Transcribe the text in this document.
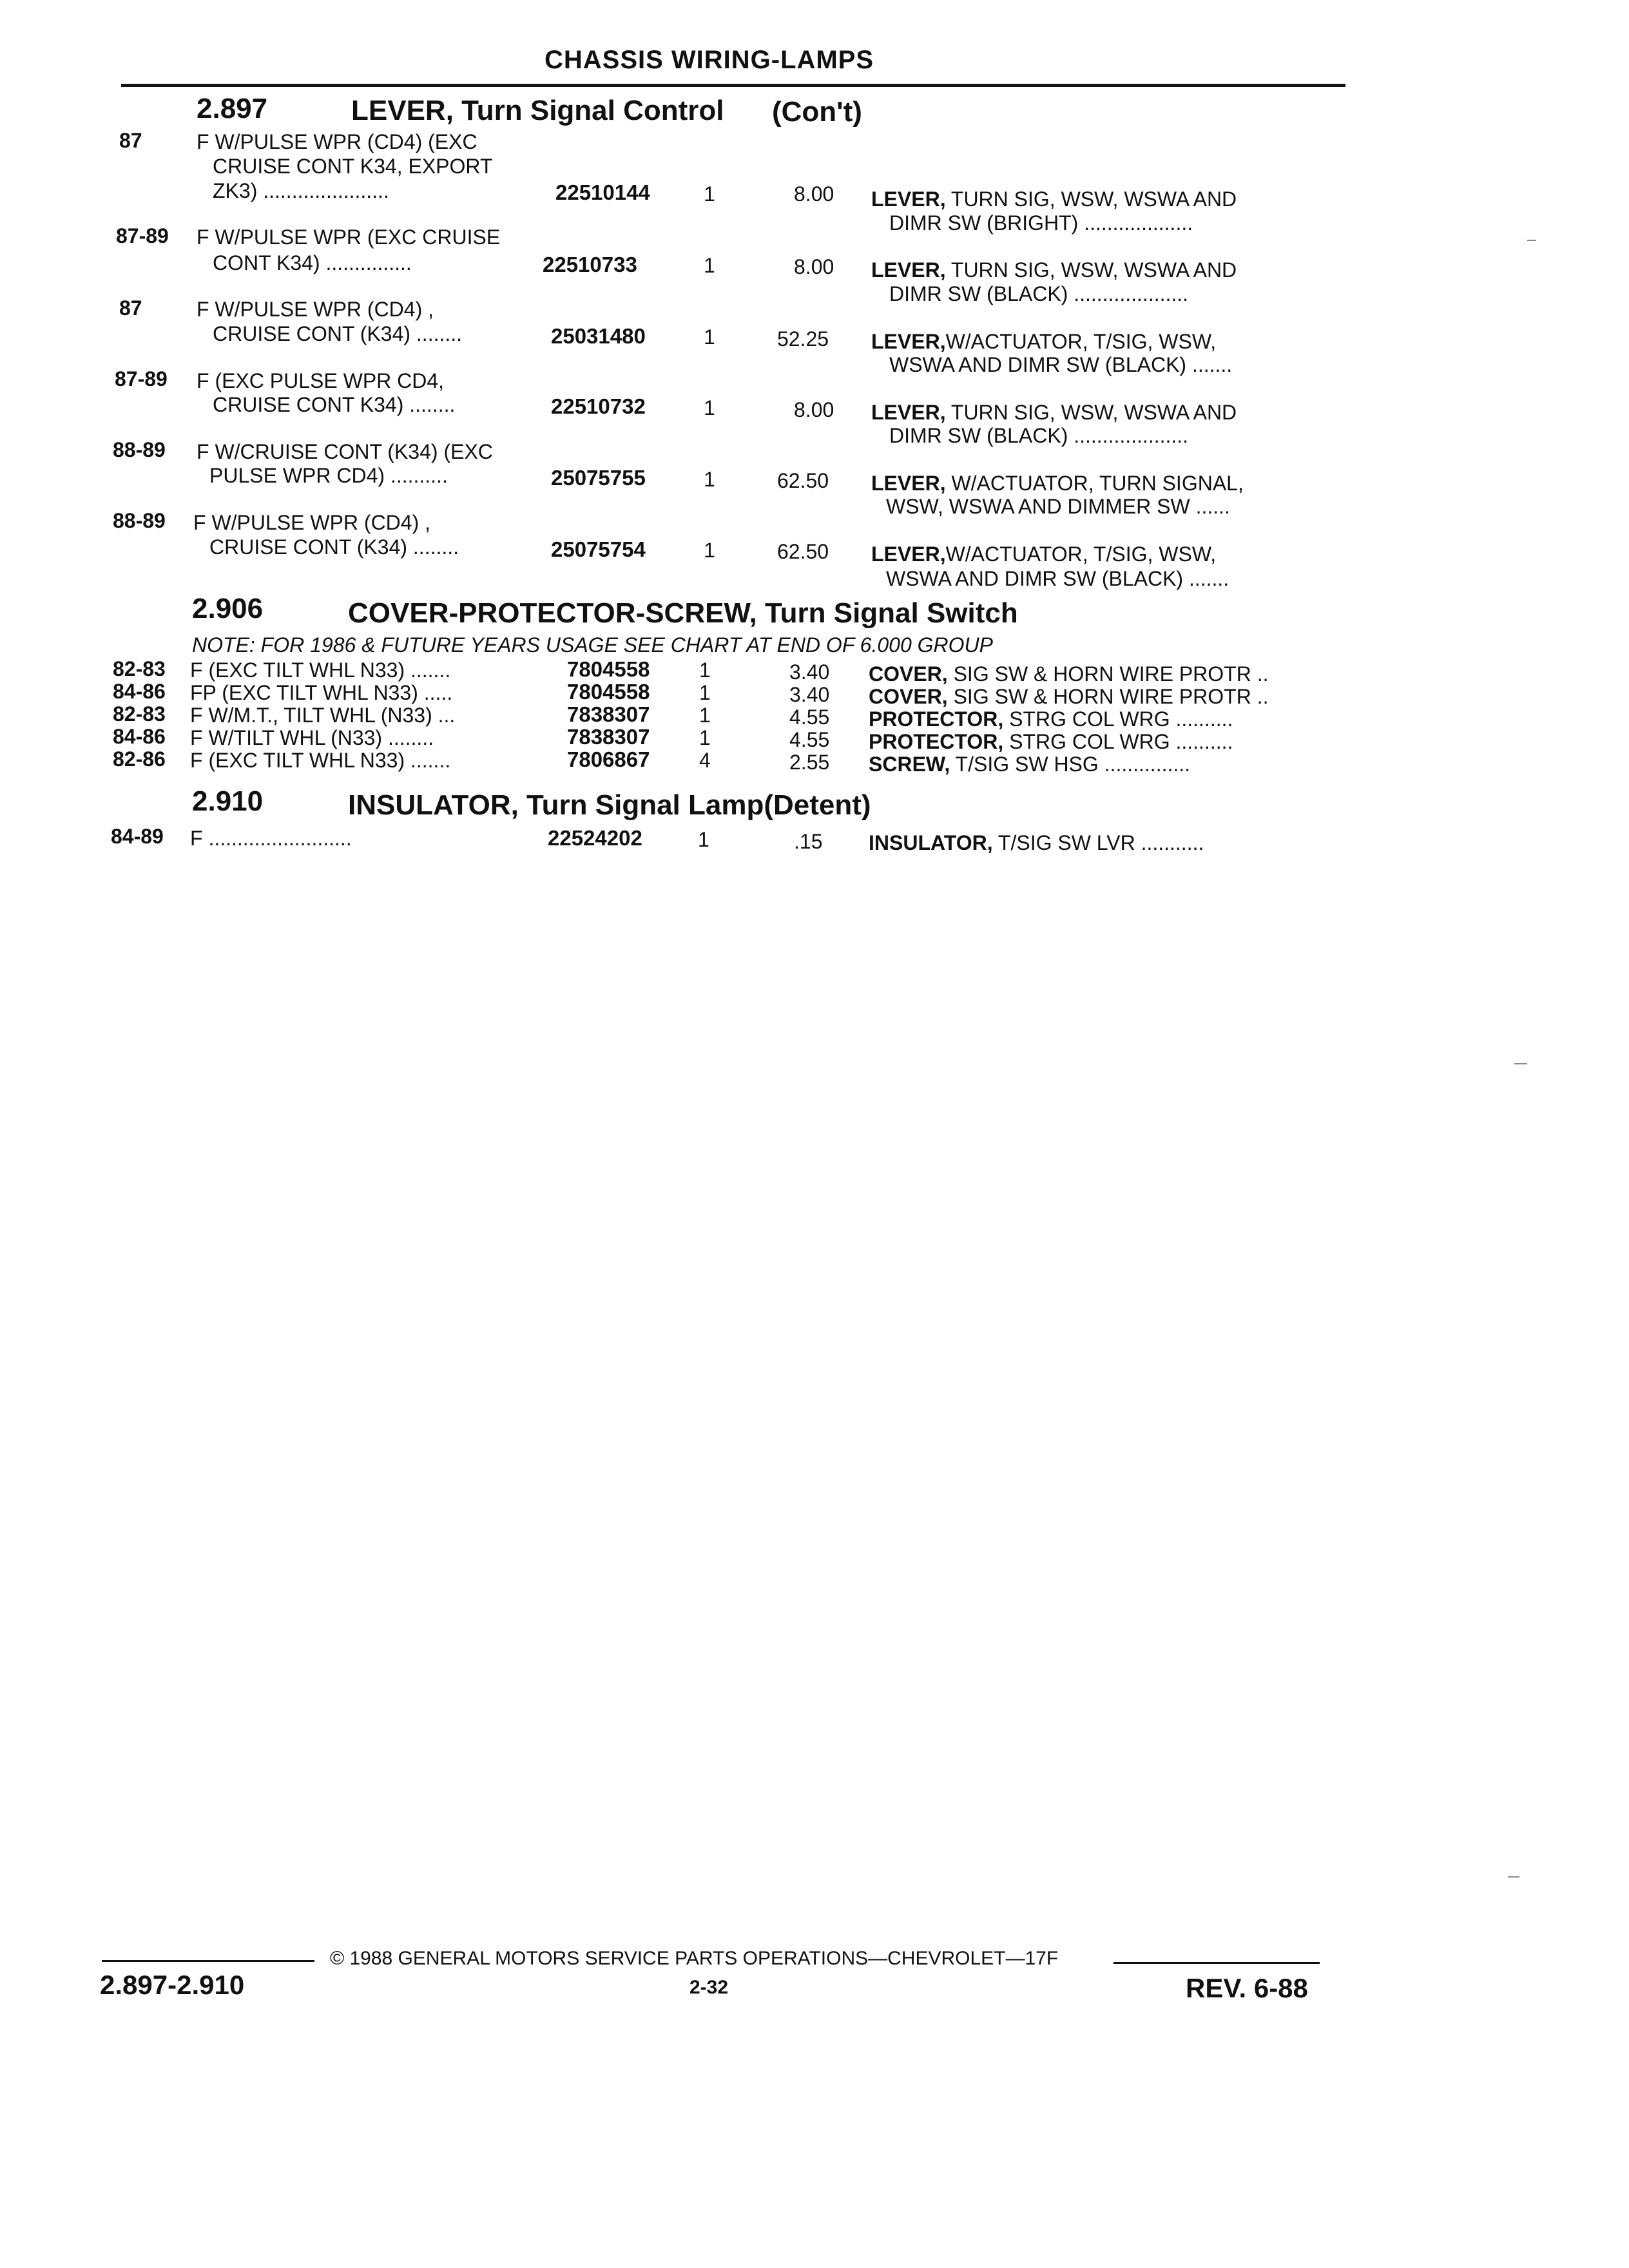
CHASSIS WIRING-LAMPS
2.897	LEVER, Turn Signal Control (Con't)
87	F W/PULSE WPR (CD4) (EXC
CRUISE CONT K34, EXPORT
ZK3) ......................	22510144	1	8.00 LEVER, TURN SIG, WSW, WSWA AND
DIMR SW (BRIGHT) ...................
87-89 F W/PULSE WPR (EXC CRUISE
CONT K34) ...............	22510733	1	8.00 LEVER, TURN SIG, WSW, WSWA AND
DIMR SW (BLACK) ....................
87	F W/PULSE WPR (CD4) ,
CRUISE CONT (K34) ........	25031480	1	52.25 LEVER,W/ACTUATOR, T/SIG, WSW,
WSWA AND DIMR SW (BLACK) .......
87-89 F (EXC PULSE WPR CD4,
CRUISE CONT K34) ........	22510732	1	8.00 LEVER, TURN SIG, WSW, WSWA AND
DIMR SW (BLACK) ....................
88-89 F W/CRUISE CONT (K34) (EXC
PULSE WPR CD4) ..........	25075755	1	62.50 LEVER, W/ACTUATOR, TURN SIGNAL,
WSW, WSWA AND DIMMER SW ......
88-89 F W/PULSE WPR (CD4) ,
CRUISE CONT (K34) ........	25075754	1	62.50 LEVER,W/ACTUATOR, T/SIG, WSW,
WSWA AND DIMR SW (BLACK) .......
2.906	COVER-PROTECTOR-SCREW, Turn Signal Switch
NOTE: FOR 1986 & FUTURE YEARS USAGE SEE CHART AT END OF 6.000 GROUP
82-83 F (EXC TILT WHL N33) .......	7804558 1	3.40 COVER, SIG SW & HORN WIRE PROTR ..
84-86 FP (EXC TILT WHL N33) .....	7804558 1	3.40 COVER, SIG SW & HORN WIRE PROTR ..
82-83 F W/M.T., TILT WHL (N33) ...	7838307 1	4.55 PROTECTOR, STRG COL WRG ..........
84-86 F W/TILT WHL (N33) ........	7838307 1	4.55 PROTECTOR, STRG COL WRG ..........
82-86 F (EXC TILT WHL N33) .......	7806867 4	2.55 SCREW, T/SIG SW HSG ...............
2.910	INSULATOR, Turn Signal Lamp(Detent)
84-89 F .........................	22524202	1	.15 INSULATOR, T/SIG SW LVR ...........
© 1988 GENERAL MOTORS SERVICE PARTS OPERATIONS—CHEVROLET—17F
2.897-2.910	2-32	REV. 6-88
